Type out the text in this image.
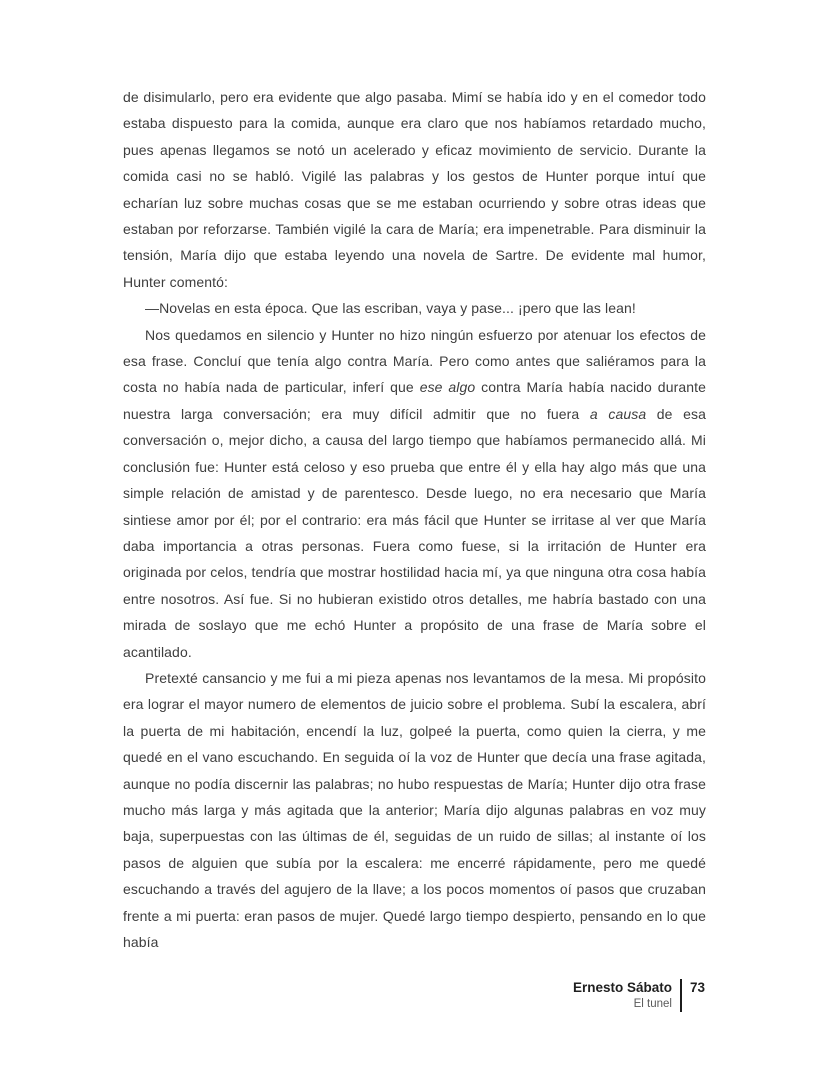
de disimularlo, pero era evidente que algo pasaba. Mimí se había ido y en el comedor todo estaba dispuesto para la comida, aunque era claro que nos habíamos retardado mucho, pues apenas llegamos se notó un acelerado y eficaz movimiento de servicio. Durante la comida casi no se habló. Vigilé las palabras y los gestos de Hunter porque intuí que echarían luz sobre muchas cosas que se me estaban ocurriendo y sobre otras ideas que estaban por reforzarse. También vigilé la cara de María; era impenetrable. Para disminuir la tensión, María dijo que estaba leyendo una novela de Sartre. De evidente mal humor, Hunter comentó:

—Novelas en esta época. Que las escriban, vaya y pase... ¡pero que las lean!

Nos quedamos en silencio y Hunter no hizo ningún esfuerzo por atenuar los efectos de esa frase. Concluí que tenía algo contra María. Pero como antes que saliéramos para la costa no había nada de particular, inferí que ese algo contra María había nacido durante nuestra larga conversación; era muy difícil admitir que no fuera a causa de esa conversación o, mejor dicho, a causa del largo tiempo que habíamos permanecido allá. Mi conclusión fue: Hunter está celoso y eso prueba que entre él y ella hay algo más que una simple relación de amistad y de parentesco. Desde luego, no era necesario que María sintiese amor por él; por el contrario: era más fácil que Hunter se irritase al ver que María daba importancia a otras personas. Fuera como fuese, si la irritación de Hunter era originada por celos, tendría que mostrar hostilidad hacia mí, ya que ninguna otra cosa había entre nosotros. Así fue. Si no hubieran existido otros detalles, me habría bastado con una mirada de soslayo que me echó Hunter a propósito de una frase de María sobre el acantilado.

Pretexté cansancio y me fui a mi pieza apenas nos levantamos de la mesa. Mi propósito era lograr el mayor numero de elementos de juicio sobre el problema. Subí la escalera, abrí la puerta de mi habitación, encendí la luz, golpeé la puerta, como quien la cierra, y me quedé en el vano escuchando. En seguida oí la voz de Hunter que decía una frase agitada, aunque no podía discernir las palabras; no hubo respuestas de María; Hunter dijo otra frase mucho más larga y más agitada que la anterior; María dijo algunas palabras en voz muy baja, superpuestas con las últimas de él, seguidas de un ruido de sillas; al instante oí los pasos de alguien que subía por la escalera: me encerré rápidamente, pero me quedé escuchando a través del agujero de la llave; a los pocos momentos oí pasos que cruzaban frente a mi puerta: eran pasos de mujer. Quedé largo tiempo despierto, pensando en lo que había

Ernesto Sábato
El tunel
73
